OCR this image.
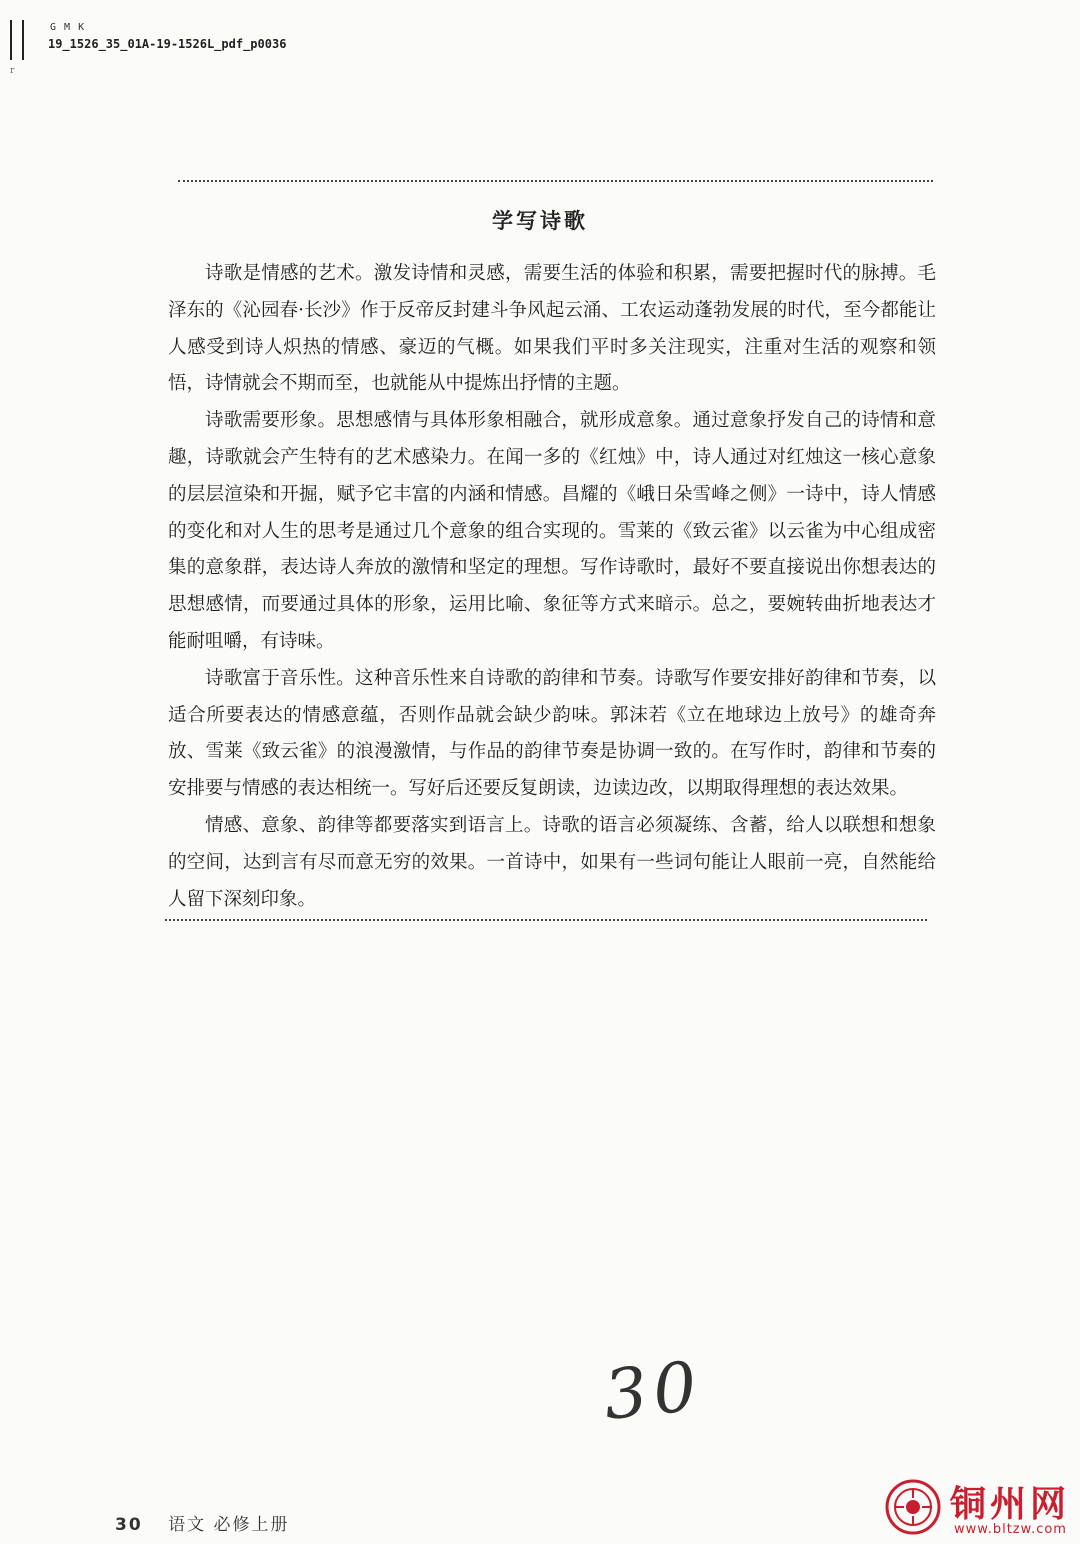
G M K
19_1526_35_01A-19-1526L_pdf_p0036
r
学写诗歌

诗歌是情感的艺术。激发诗情和灵感，需要生活的体验和积累，需要把握时代的脉搏。毛泽东的《沁园春·长沙》作于反帝反封建斗争风起云涌、工农运动蓬勃发展的时代，至今都能让人感受到诗人炽热的情感、豪迈的气概。如果我们平时多关注现实，注重对生活的观察和领悟，诗情就会不期而至，也就能从中提炼出抒情的主题。

诗歌需要形象。思想感情与具体形象相融合，就形成意象。通过意象抒发自己的诗情和意趣，诗歌就会产生特有的艺术感染力。在闻一多的《红烛》中，诗人通过对红烛这一核心意象的层层渲染和开掘，赋予它丰富的内涵和情感。昌耀的《峨日朵雪峰之侧》一诗中，诗人情感的变化和对人生的思考是通过几个意象的组合实现的。雪莱的《致云雀》以云雀为中心组成密集的意象群，表达诗人奔放的激情和坚定的理想。写作诗歌时，最好不要直接说出你想表达的思想感情，而要通过具体的形象，运用比喻、象征等方式来暗示。总之，要婉转曲折地表达才能耐咀嚼，有诗味。

诗歌富于音乐性。这种音乐性来自诗歌的韵律和节奏。诗歌写作要安排好韵律和节奏，以适合所要表达的情感意蕴，否则作品就会缺少韵味。郭沫若《立在地球边上放号》的雄奇奔放、雪莱《致云雀》的浪漫激情，与作品的韵律节奏是协调一致的。在写作时，韵律和节奏的安排要与情感的表达相统一。写好后还要反复朗读，边读边改，以期取得理想的表达效果。

情感、意象、韵律等都要落实到语言上。诗歌的语言必须凝练、含蓄，给人以联想和想象的空间，达到言有尽而意无穷的效果。一首诗中，如果有一些词句能让人眼前一亮，自然能给人留下深刻印象。

30
30 语文 必修上册	铜州网
www.bltzw.com
